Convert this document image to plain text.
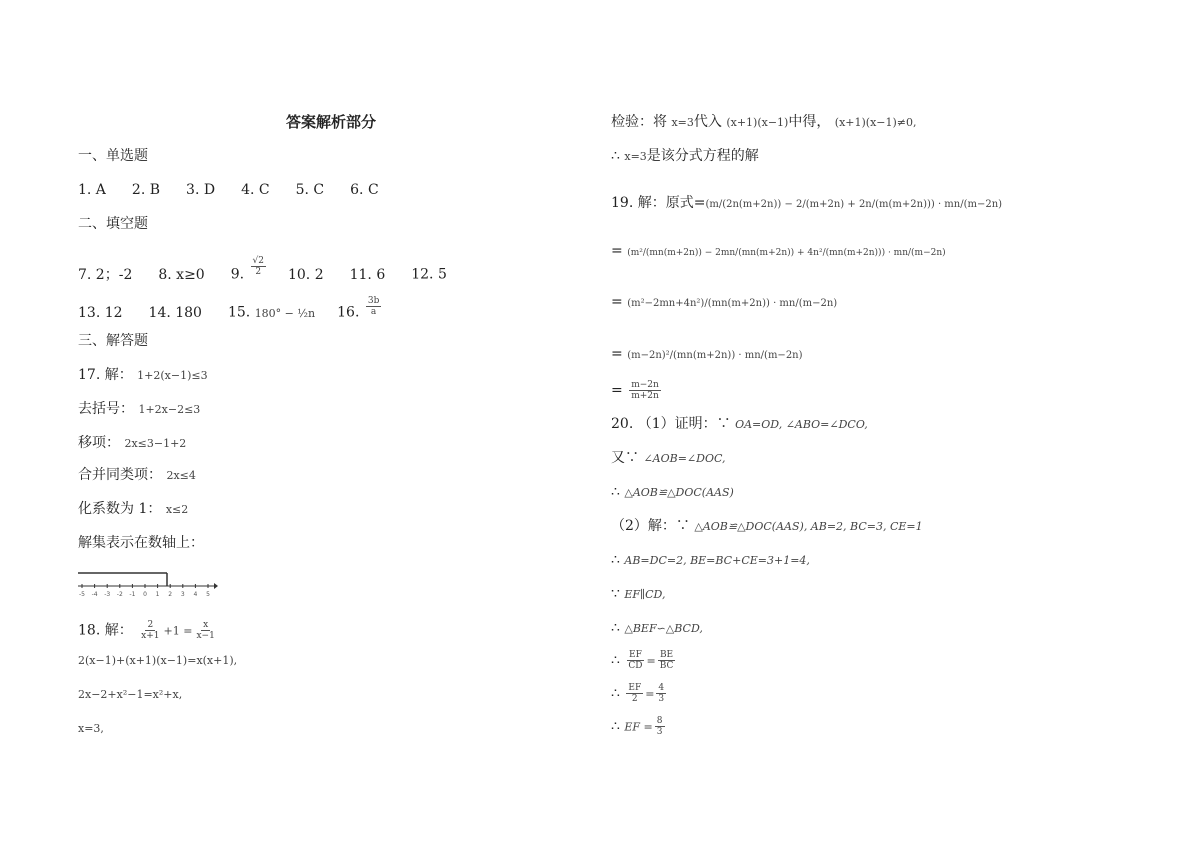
答案解析部分
一、单选题
1. A 2. B 3. D 4. C 5. C 6. C
二、填空题
7. 2；-2 8. x≥0 9. $\frac{√2}{2} 10$. 2 11. 6 12. 5
13. 12 14. 180 15. 180° − ½n 16. $\frac{3b}{a}$
三、解答题
17. 解： 1+2(x−1)≤3
去括号： 1+2x−2≤3
移项： 2x≤3−1+2
合并同类项： 2x≤4
化系数为 1： x≤2
解集表示在数轴上：
-5 -4 -3 -2 -1 0 1 2 3 4 5
18. 解： $\frac{2}{x+1} +1 = \frac{x}{x-1}$
2(x−1)+(x+1)(x−1)=x(x+1),
2x−2+x²−1=x²+x,
x=3,
检验：将 x=3代入 (x+1)(x−1)中得， (x+1)(x−1)≠0,
∴ x=3是该分式方程的解
19. 解：原式=(m/(2n(m+2n)) − 2/(m+2n) + 2n/(m(m+2n))) · mn/(m−2n)
= (m²/(mn(m+2n)) − 2mn/(mn(m+2n)) + 4n²/(mn(m+2n))) · mn/(m−2n)
= (m²−2mn+4n²)/(mn(m+2n)) · mn/(m−2n)
= (m−2n)²/(mn(m+2n)) · mn/(m−2n)
= $\frac{m-2n}{m+2n}$
20. （1）证明：∵ OA=OD, ∠ABO=∠DCO,
又∵ ∠AOB=∠DOC,
∴ △AOB≌△DOC(AAS)
（2）解：∵ △AOB≌△DOC(AAS), AB=2, BC=3, CE=1
∴ AB=DC=2, BE=BC+CE=3+1=4,
∵ EF∥CD,
∴ △BEF∽△BCD,
∴ $\frac{EF}{CD} = \frac{BE}{BC}$
∴ $\frac{EF}{2} = \frac{4}{3}$
∴ EF = $\frac{8}{3}$
